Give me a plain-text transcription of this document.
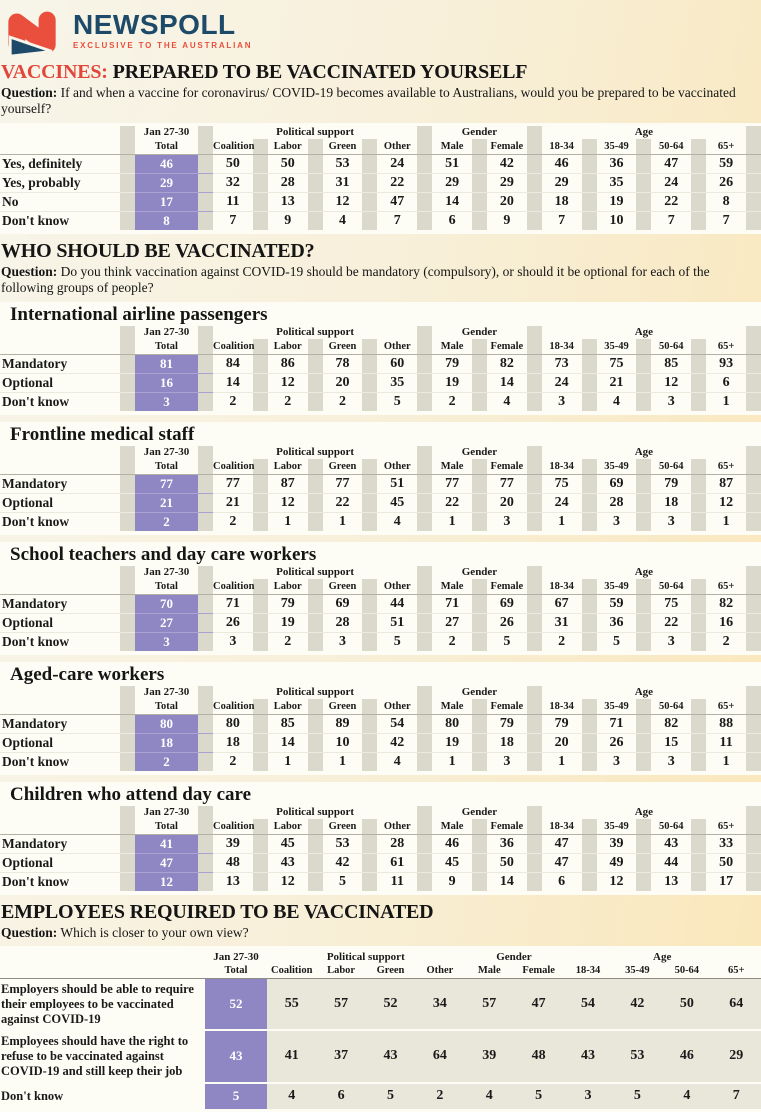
NEWSPOLL
EXCLUSIVE TO THE AUSTRALIAN
VACCINES: PREPARED TO BE VACCINATED YOURSELF

Question: If and when a vaccine for coronavirus/ COVID-19 becomes available to Australians, would you be prepared to be vaccinated yourself?

	Jan 27-30	Political support				Gender		Age			
	Total	Coalition	Labor	Green	Other	Male	Female	18-34	35-49	50-64	65+
Yes, definitely	46	50	50	53	24	51	42	46	36	47	59
Yes, probably	29	32	28	31	22	29	29	29	35	24	26
No	17	11	13	12	47	14	20	18	19	22	8
Don't know	8	7	9	4	7	6	9	7	10	7	7
WHO SHOULD BE VACCINATED?

Question: Do you think vaccination against COVID-19 should be mandatory (compulsory), or should it be optional for each of the following groups of people?

International airline passengers
	Jan 27-30	Political support				Gender		Age			
	Total	Coalition	Labor	Green	Other	Male	Female	18-34	35-49	50-64	65+
Mandatory	81	84	86	78	60	79	82	73	75	85	93
Optional	16	14	12	20	35	19	14	24	21	12	6
Don't know	3	2	2	2	5	2	4	3	4	3	1
Frontline medical staff
	Jan 27-30	Political support				Gender		Age			
	Total	Coalition	Labor	Green	Other	Male	Female	18-34	35-49	50-64	65+
Mandatory	77	77	87	77	51	77	77	75	69	79	87
Optional	21	21	12	22	45	22	20	24	28	18	12
Don't know	2	2	1	1	4	1	3	1	3	3	1
School teachers and day care workers
	Jan 27-30	Political support				Gender		Age			
	Total	Coalition	Labor	Green	Other	Male	Female	18-34	35-49	50-64	65+
Mandatory	70	71	79	69	44	71	69	67	59	75	82
Optional	27	26	19	28	51	27	26	31	36	22	16
Don't know	3	3	2	3	5	2	5	2	5	3	2
Aged-care workers
	Jan 27-30	Political support				Gender		Age			
	Total	Coalition	Labor	Green	Other	Male	Female	18-34	35-49	50-64	65+
Mandatory	80	80	85	89	54	80	79	79	71	82	88
Optional	18	18	14	10	42	19	18	20	26	15	11
Don't know	2	2	1	1	4	1	3	1	3	3	1
Children who attend day care
	Jan 27-30	Political support				Gender		Age			
	Total	Coalition	Labor	Green	Other	Male	Female	18-34	35-49	50-64	65+
Mandatory	41	39	45	53	28	46	36	47	39	43	33
Optional	47	48	43	42	61	45	50	47	49	44	50
Don't know	12	13	12	5	11	9	14	6	12	13	17
EMPLOYEES REQUIRED TO BE VACCINATED

Question: Which is closer to your own view?

	Jan 27-30	Political support				Gender		Age			
	Total	Coalition	Labor	Green	Other	Male	Female	18-34	35-49	50-64	65+
Employers should be able to require their employees to be vaccinated against COVID-19	52	55	57	52	34	57	47	54	42	50	64
Employees should have the right to refuse to be vaccinated against COVID-19 and still keep their job	43	41	37	43	64	39	48	43	53	46	29
Don't know	5	4	6	5	2	4	5	3	5	4	7
